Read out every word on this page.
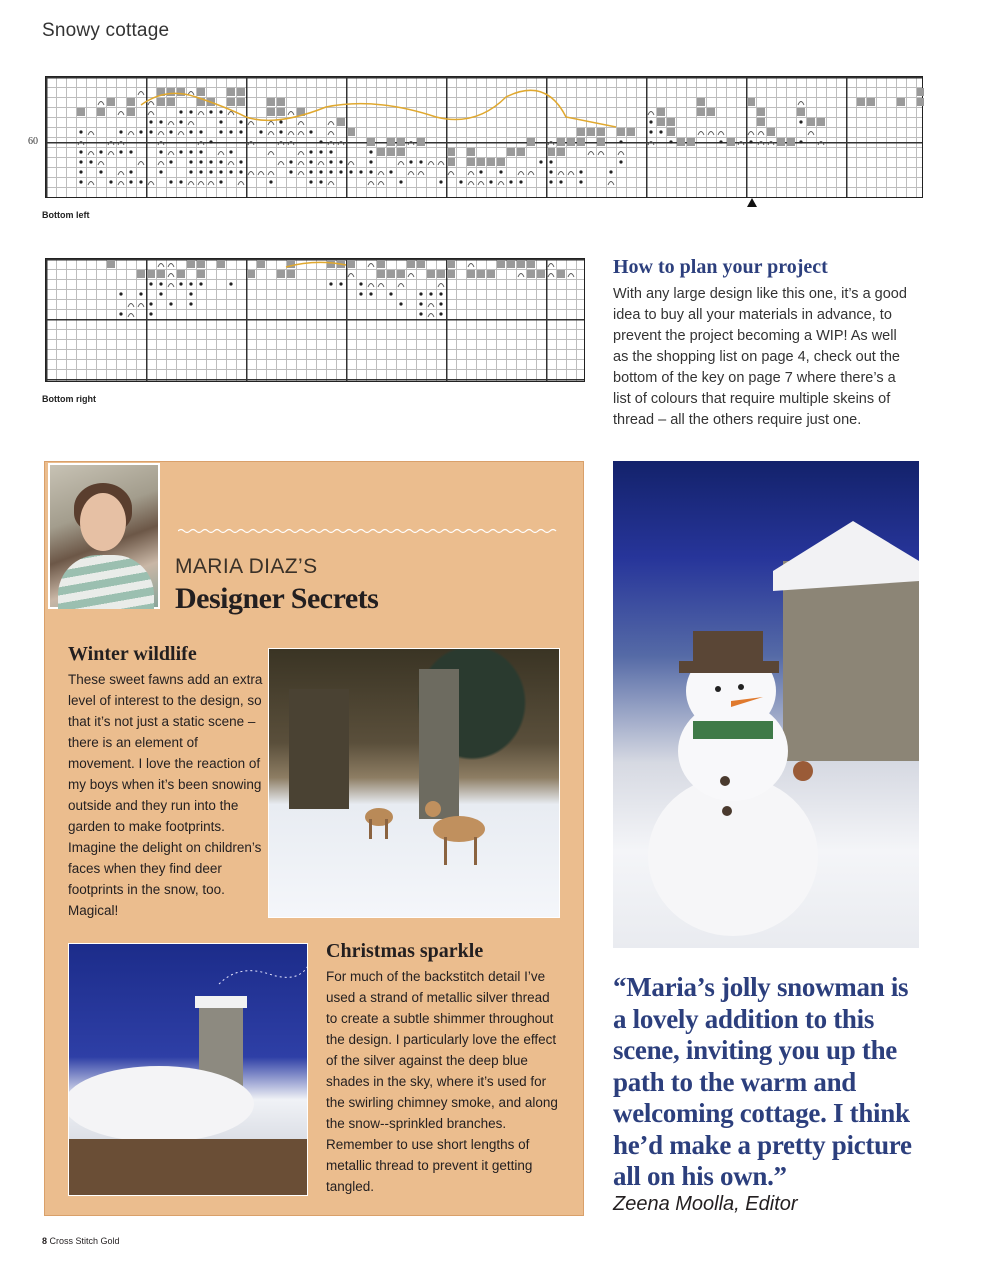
Snowy cottage
60
Bottom left
Bottom right
How to plan your project
With any large design like this one, it’s a good idea to buy all your materials in advance, to prevent the project becoming a WIP! As well as the shopping list on page 4, check out the bottom of the key on page 7 where there’s a list of colours that require multiple skeins of thread – all the others require just one.
MARIA DIAZ’S
Designer Secrets
Winter wildlife
These sweet fawns add an extra level of interest to the design, so that it’s not just a static scene – there is an element of movement. I love the reaction of my boys when it’s been snowing outside and they run into the garden to make footprints. Imagine the delight on children’s faces when they find deer footprints in the snow, too. Magical!
Christmas sparkle
For much of the backstitch detail I’ve used a strand of metallic silver thread to create a subtle shimmer throughout the design. I particularly love the effect of the silver against the deep blue shades in the sky, where it’s used for the swirling chimney smoke, and along the snow--sprinkled branches. Remember to use short lengths of metallic thread to prevent it getting tangled.
“Maria’s jolly snowman is a lovely addition to this scene, inviting you up the path to the warm and welcoming cottage. I think he’d make a pretty picture all on his own.”
Zeena Moolla, Editor
8 Cross Stitch Gold
